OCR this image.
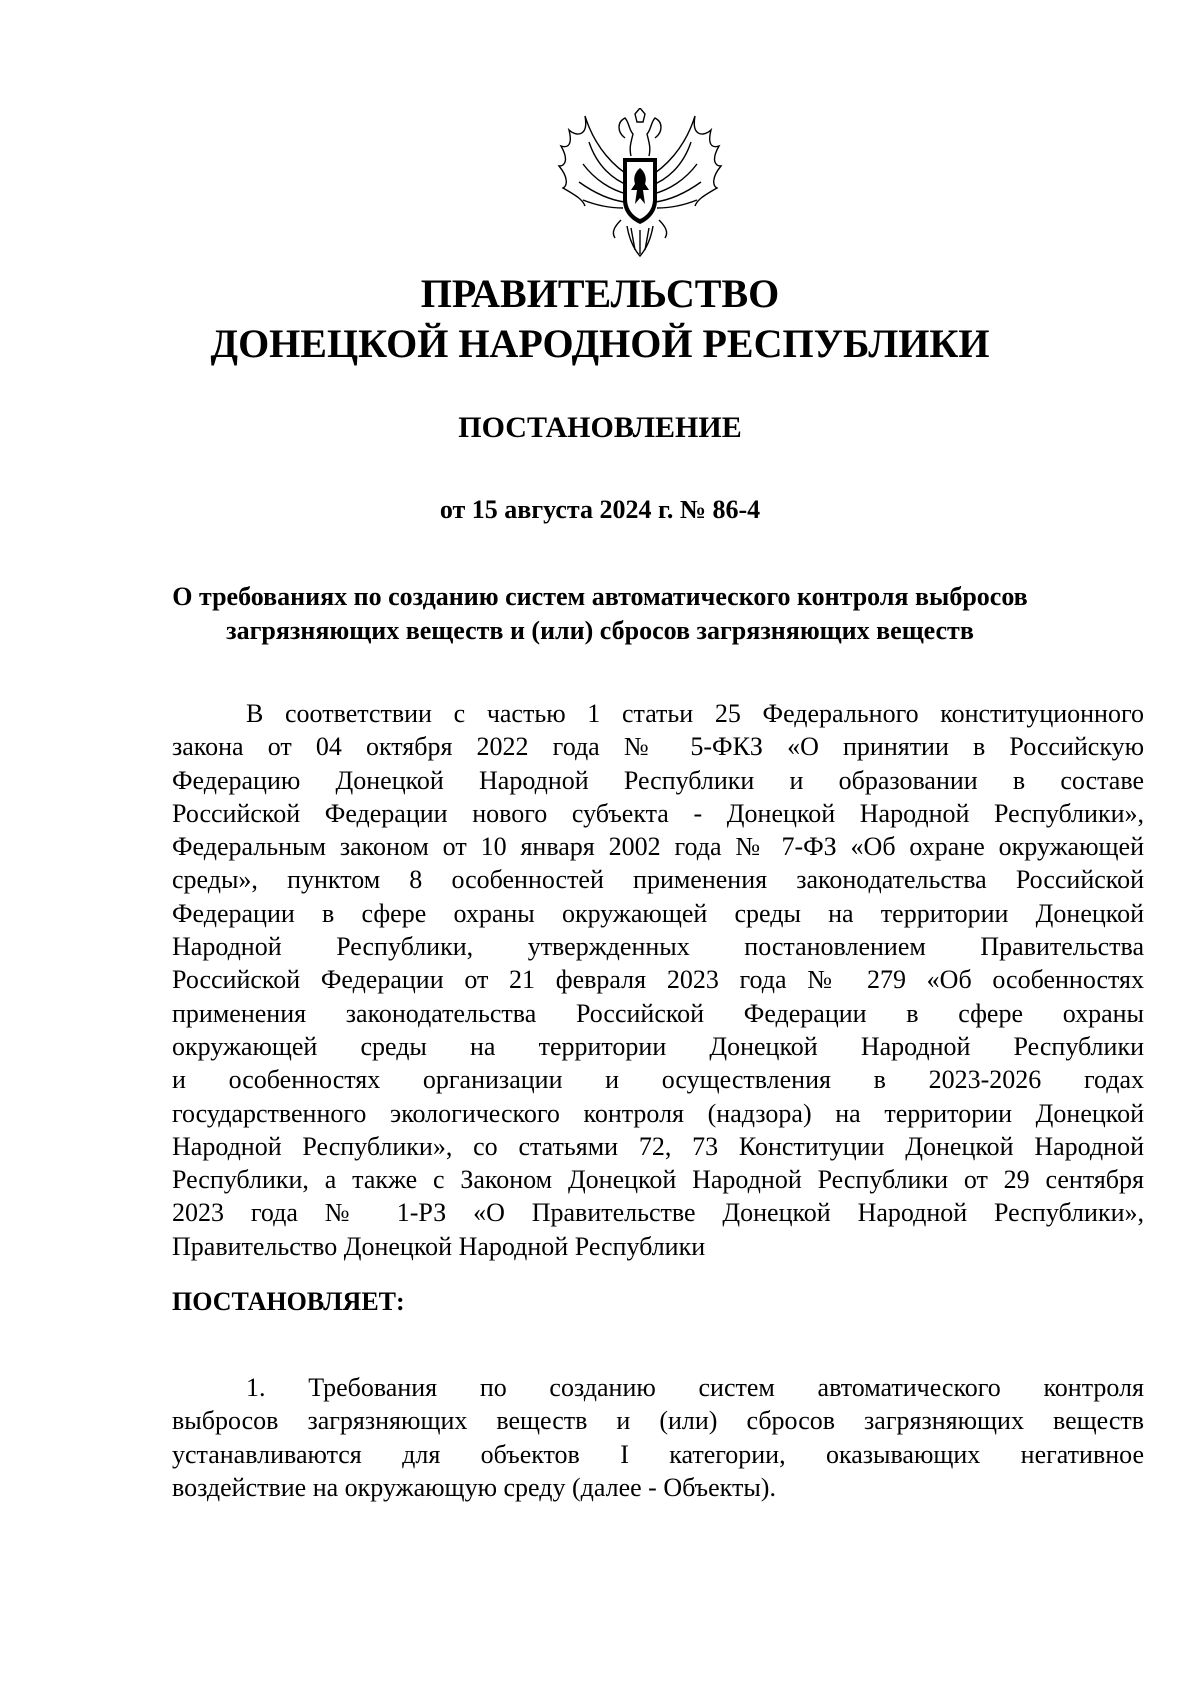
ПРАВИТЕЛЬСТВО
ДОНЕЦКОЙ НАРОДНОЙ РЕСПУБЛИКИ
ПОСТАНОВЛЕНИЕ
от 15 августа 2024 г. № 86-4
О требованиях по созданию систем автоматического контроля выбросов
загрязняющих веществ и (или) сбросов загрязняющих веществ
В соответствии с частью 1 статьи 25 Федерального конституционного
закона от 04 октября 2022 года № 5-ФКЗ «О принятии в Российскую
Федерацию Донецкой Народной Республики и образовании в составе
Российской Федерации нового субъекта - Донецкой Народной Республики»,
Федеральным законом от 10 января 2002 года № 7-ФЗ «Об охране окружающей
среды», пунктом 8 особенностей применения законодательства Российской
Федерации в сфере охраны окружающей среды на территории Донецкой
Народной Республики, утвержденных постановлением Правительства
Российской Федерации от 21 февраля 2023 года № 279 «Об особенностях
применения законодательства Российской Федерации в сфере охраны
окружающей среды на территории Донецкой Народной Республики
и особенностях организации и осуществления в 2023-2026 годах
государственного экологического контроля (надзора) на территории Донецкой
Народной Республики», со статьями 72, 73 Конституции Донецкой Народной
Республики, а также с Законом Донецкой Народной Республики от 29 сентября
2023 года № 1-РЗ «О Правительстве Донецкой Народной Республики»,
Правительство Донецкой Народной Республики
ПОСТАНОВЛЯЕТ:
1. Требования по созданию систем автоматического контроля
выбросов загрязняющих веществ и (или) сбросов загрязняющих веществ
устанавливаются для объектов I категории, оказывающих негативное
воздействие на окружающую среду (далее - Объекты).
